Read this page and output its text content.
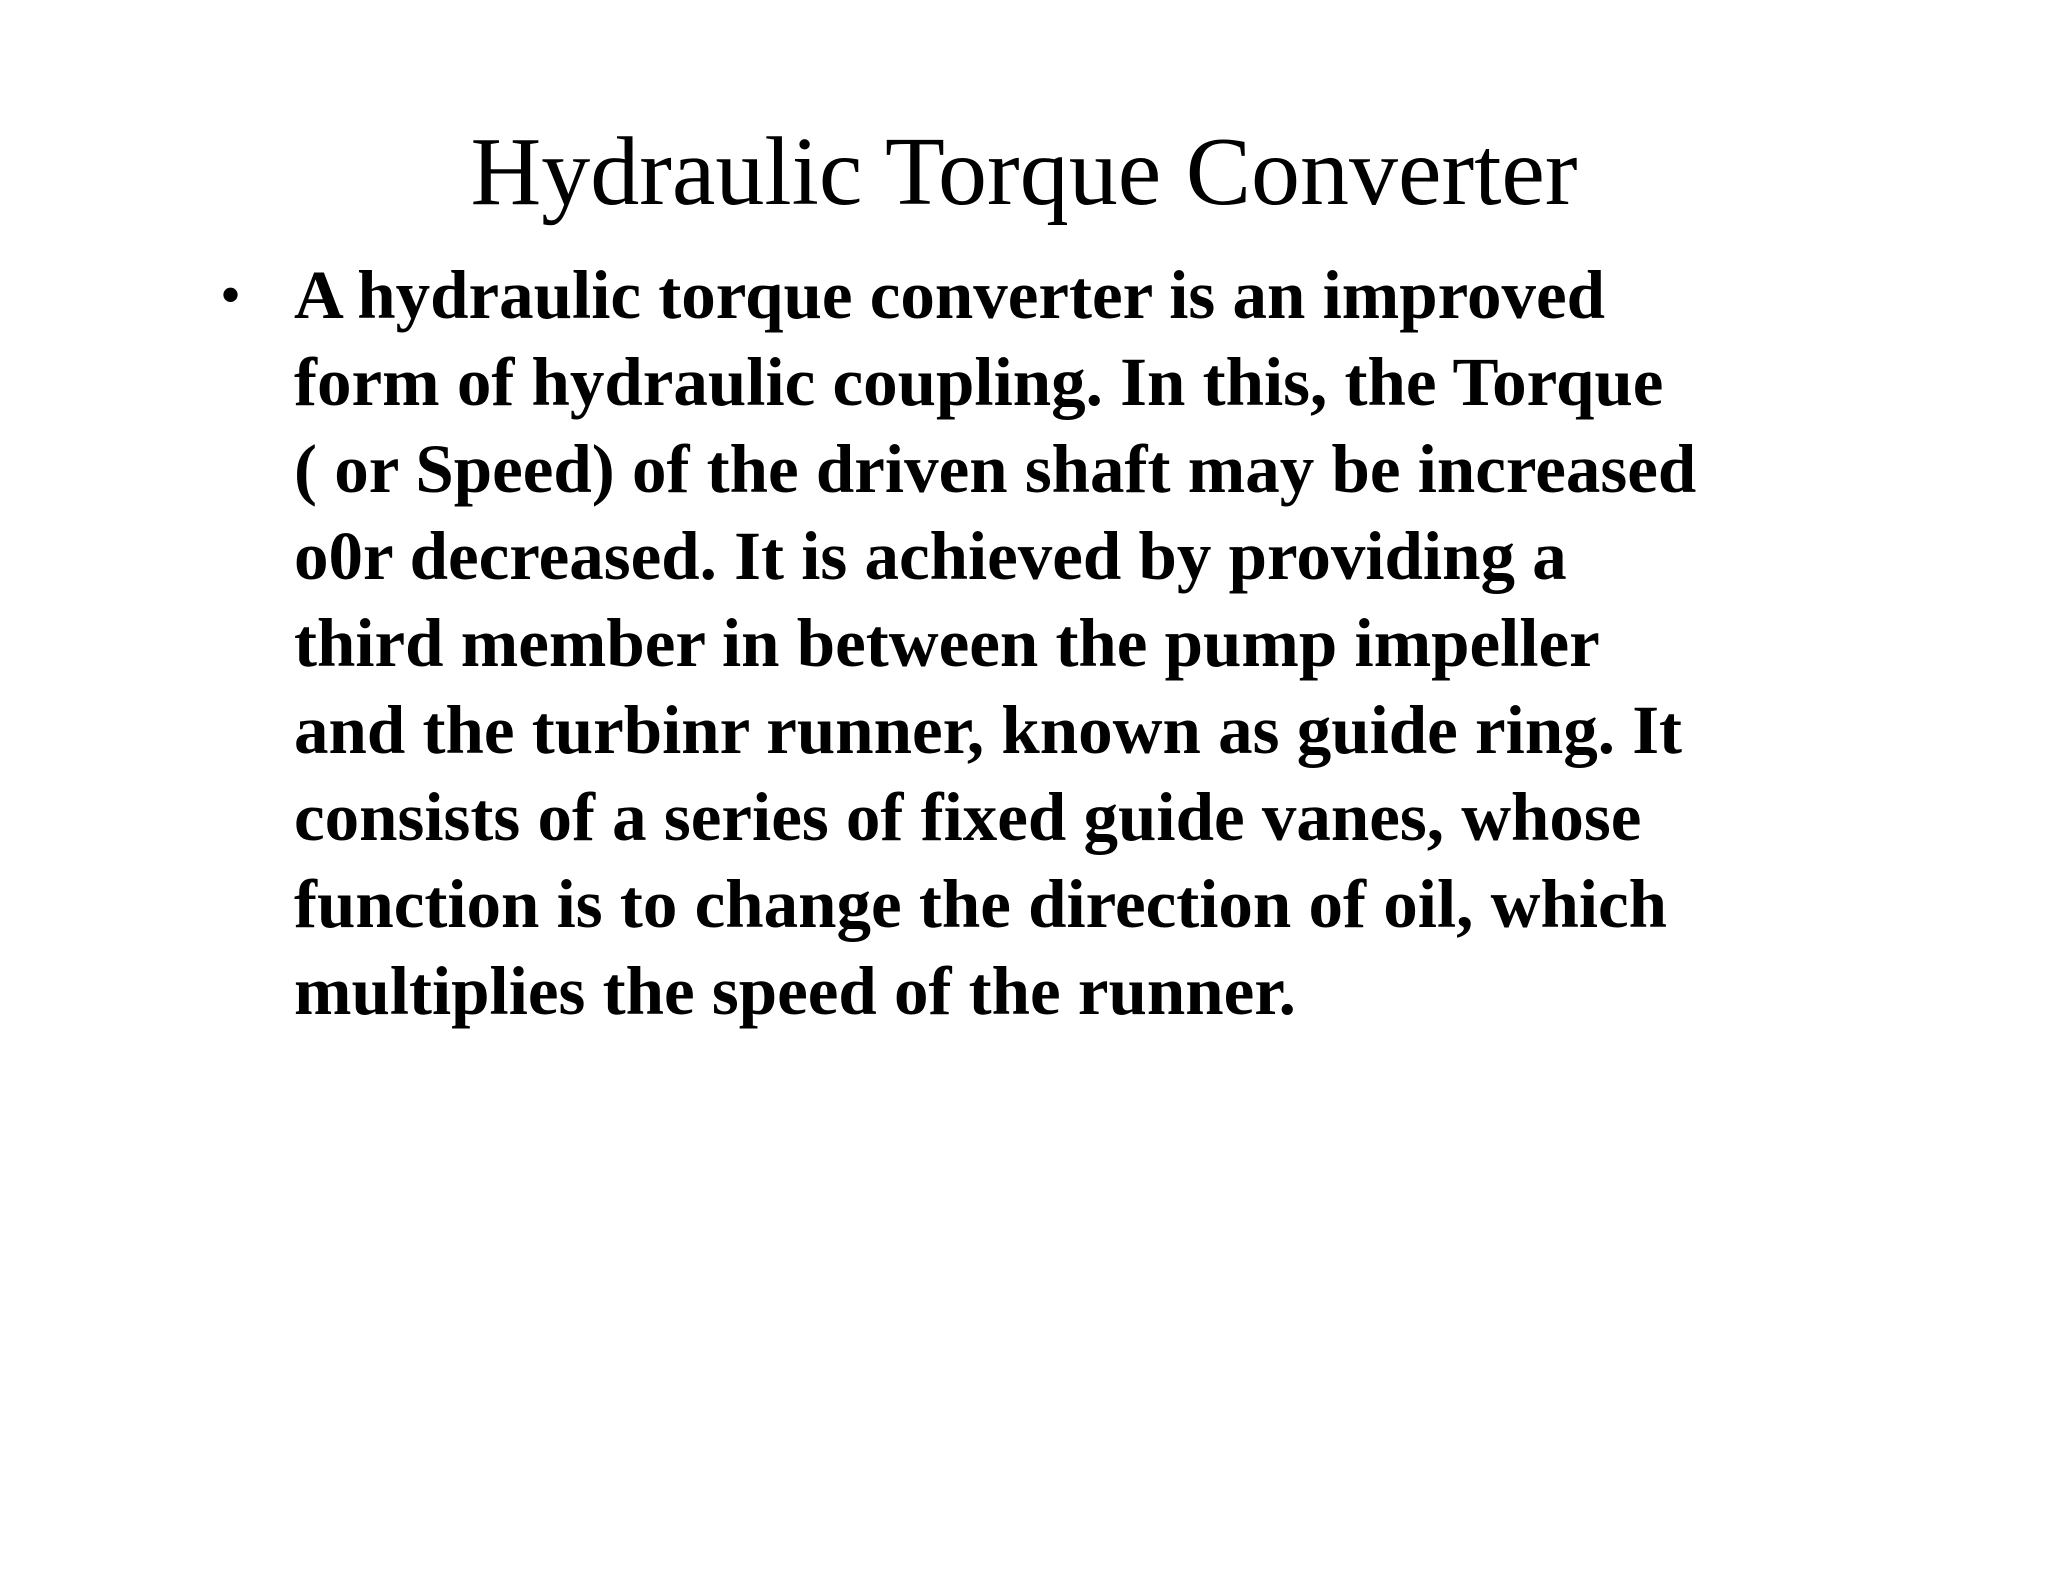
Hydraulic Torque Converter
• A hydraulic torque converter is an improved
form of hydraulic coupling. In this, the Torque
( or Speed) of the driven shaft may be increased
o0r decreased. It is achieved by providing a
third member in between the pump impeller
and the turbinr runner, known as guide ring. It
consists of a series of fixed guide vanes, whose
function is to change the direction of oil, which
multiplies the speed of the runner.
